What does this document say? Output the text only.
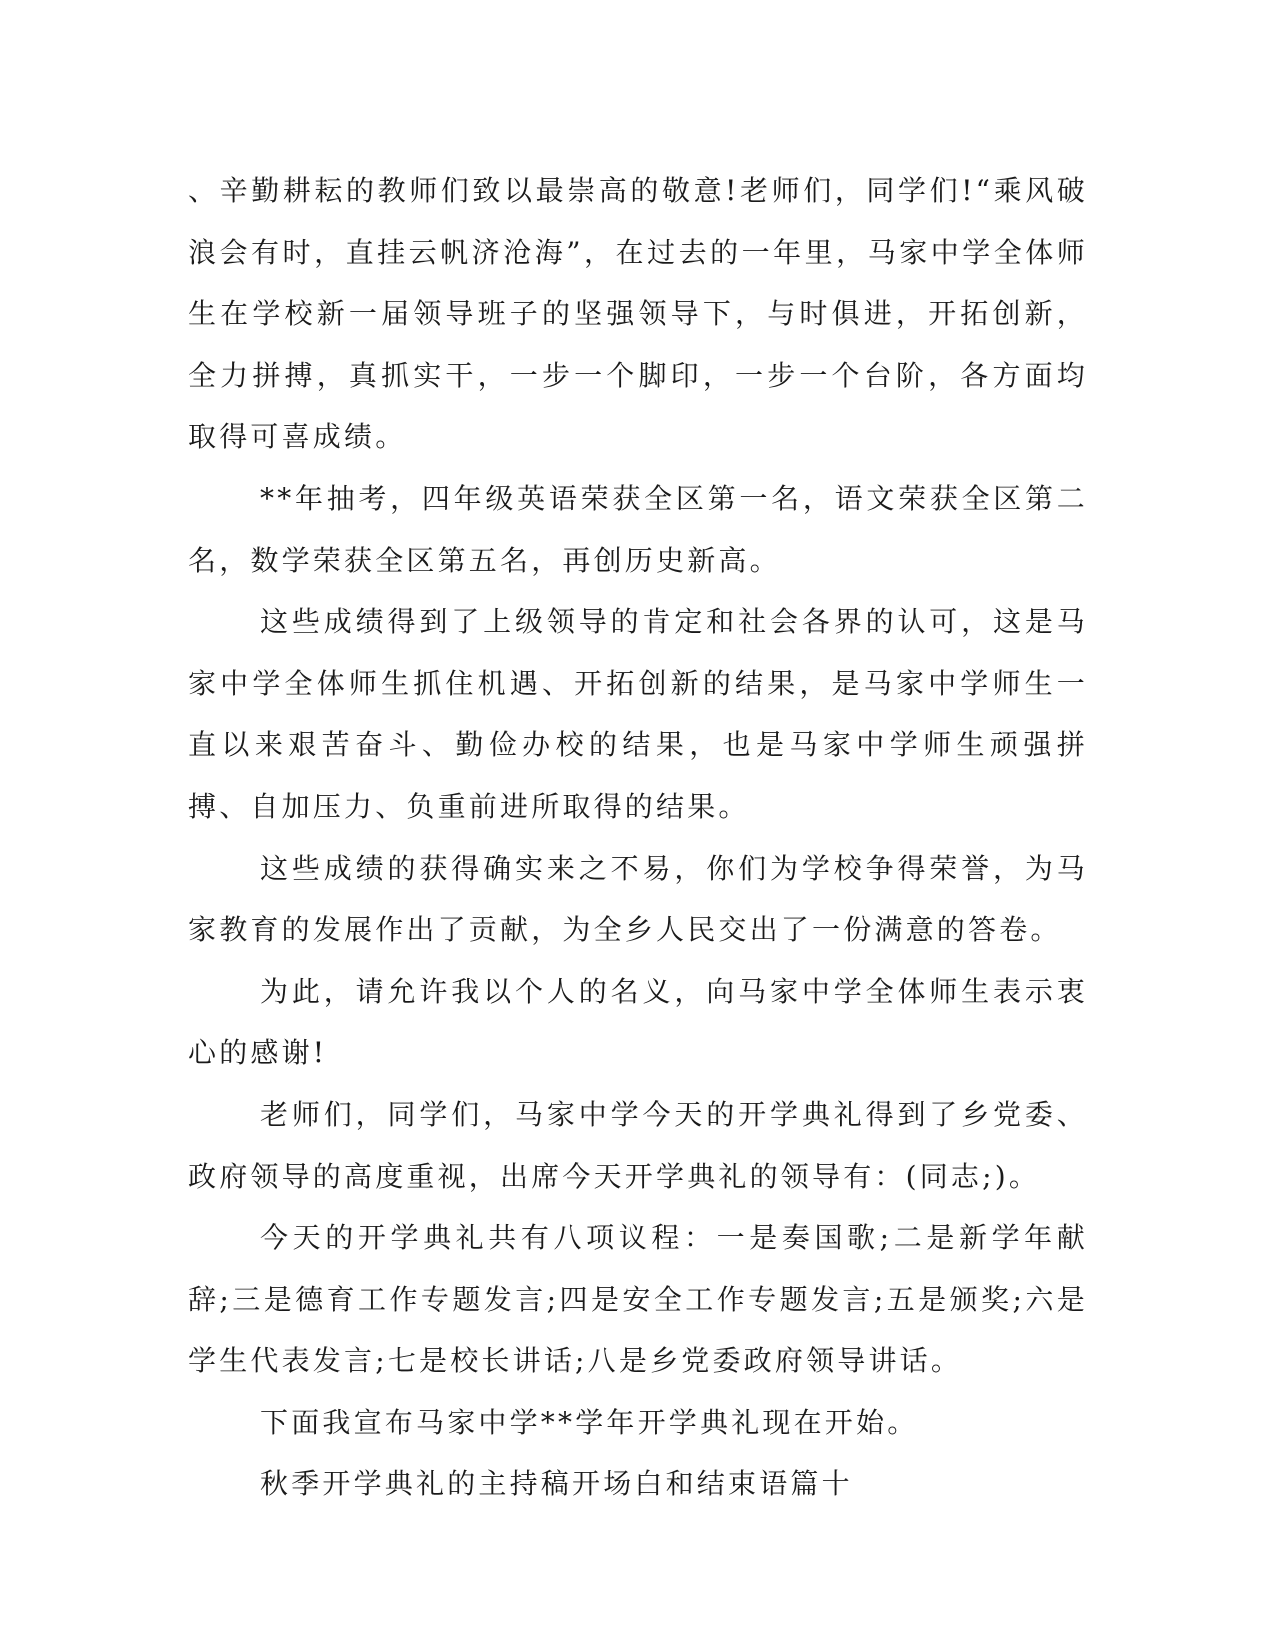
、辛勤耕耘的教师们致以最崇高的敬意!老师们，同学们!“乘风破浪会有时，直挂云帆济沧海”，在过去的一年里，马家中学全体师生在学校新一届领导班子的坚强领导下，与时俱进，开拓创新，全力拼搏，真抓实干，一步一个脚印，一步一个台阶，各方面均取得可喜成绩。

**年抽考，四年级英语荣获全区第一名，语文荣获全区第二名，数学荣获全区第五名，再创历史新高。

这些成绩得到了上级领导的肯定和社会各界的认可，这是马家中学全体师生抓住机遇、开拓创新的结果，是马家中学师生一直以来艰苦奋斗、勤俭办校的结果，也是马家中学师生顽强拼搏、自加压力、负重前进所取得的结果。

这些成绩的获得确实来之不易，你们为学校争得荣誉，为马家教育的发展作出了贡献，为全乡人民交出了一份满意的答卷。

为此，请允许我以个人的名义，向马家中学全体师生表示衷心的感谢!

老师们，同学们，马家中学今天的开学典礼得到了乡党委、政府领导的高度重视，出席今天开学典礼的领导有：(同志;)。

今天的开学典礼共有八项议程：一是奏国歌;二是新学年献辞;三是德育工作专题发言;四是安全工作专题发言;五是颁奖;六是学生代表发言;七是校长讲话;八是乡党委政府领导讲话。

下面我宣布马家中学**学年开学典礼现在开始。

秋季开学典礼的主持稿开场白和结束语篇十
